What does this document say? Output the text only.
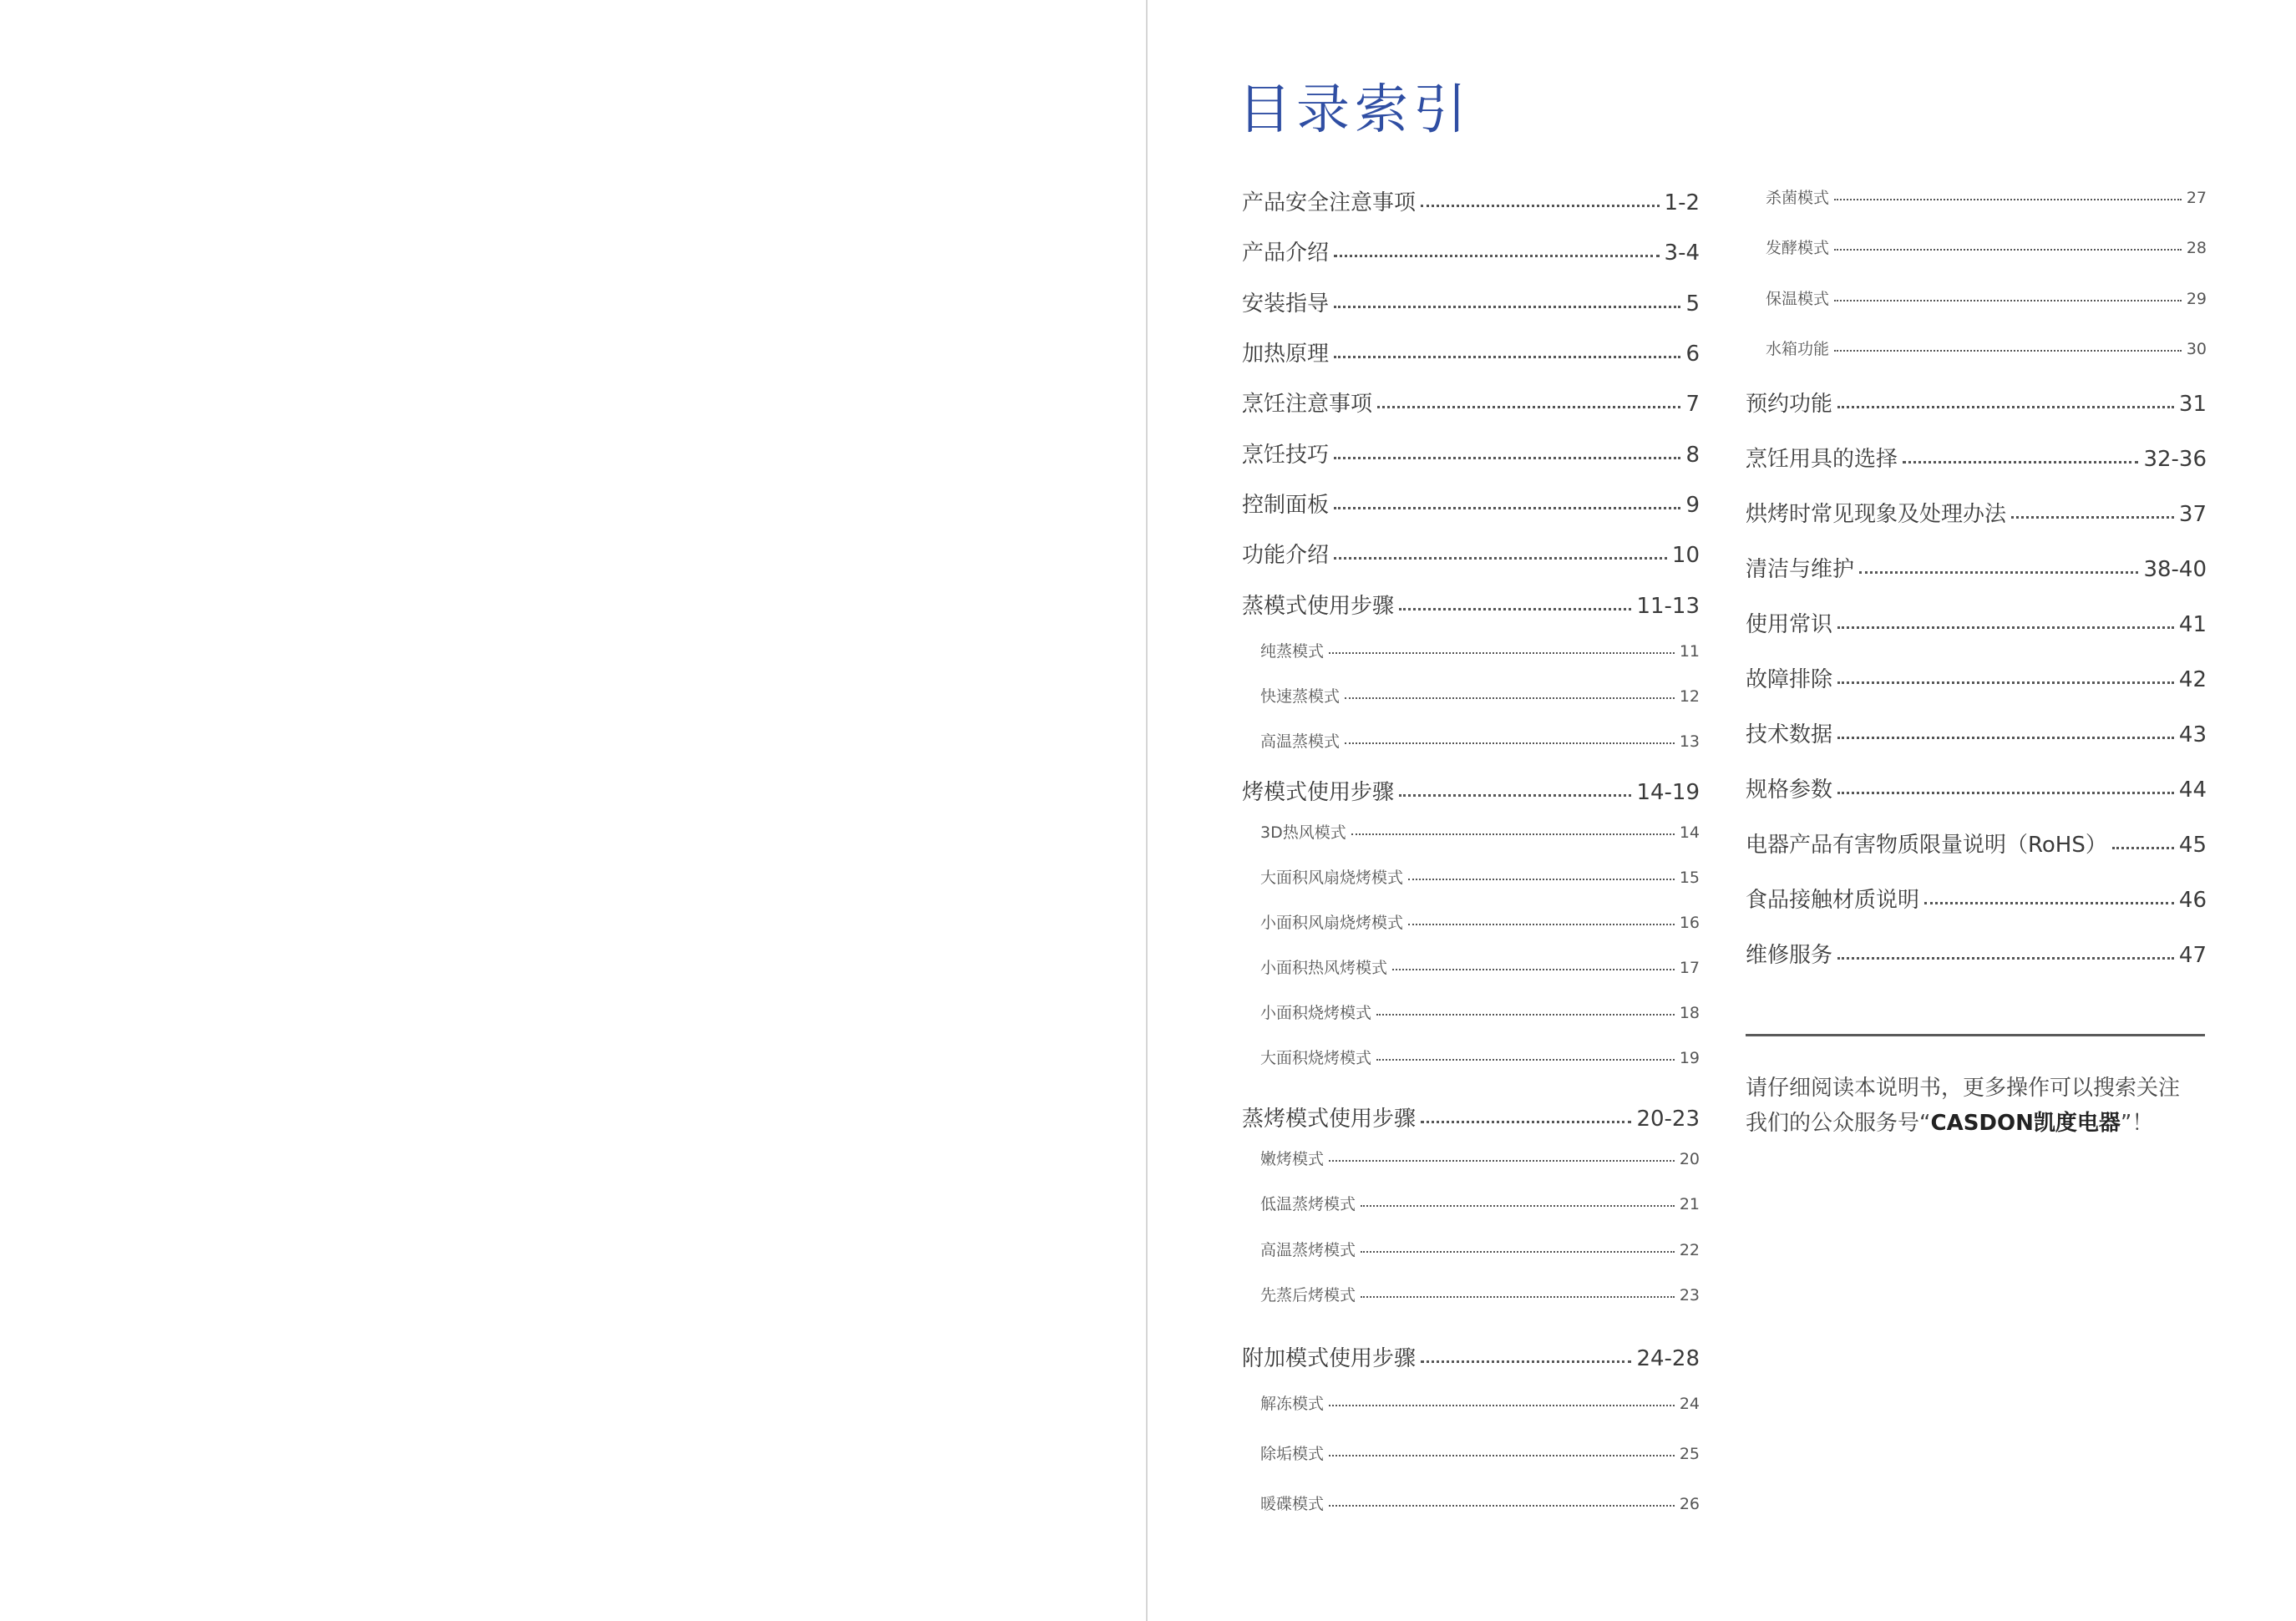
目录索引
产品安全注意事项	1-2
产品介绍	3-4
安装指导	5
加热原理	6
烹饪注意事项	7
烹饪技巧	8
控制面板	9
功能介绍	10
蒸模式使用步骤	11-13
纯蒸模式	11
快速蒸模式	12
高温蒸模式	13
烤模式使用步骤	14-19
3D热风模式	14
大面积风扇烧烤模式	15
小面积风扇烧烤模式	16
小面积热风烤模式	17
小面积烧烤模式	18
大面积烧烤模式	19
蒸烤模式使用步骤	20-23
嫩烤模式	20
低温蒸烤模式	21
高温蒸烤模式	22
先蒸后烤模式	23
附加模式使用步骤	24-28
解冻模式	24
除垢模式	25
暖碟模式	26
杀菌模式	27
发酵模式	28
保温模式	29
水箱功能	30
预约功能	31
烹饪用具的选择	32-36
烘烤时常见现象及处理办法	37
清洁与维护	38-40
使用常识	41
故障排除	42
技术数据	43
规格参数	44
电器产品有害物质限量说明（RoHS）	45
食品接触材质说明	46
维修服务	47

请仔细阅读本说明书，更多操作可以搜索关注
我们的公众服务号“CASDON凯度电器”！
